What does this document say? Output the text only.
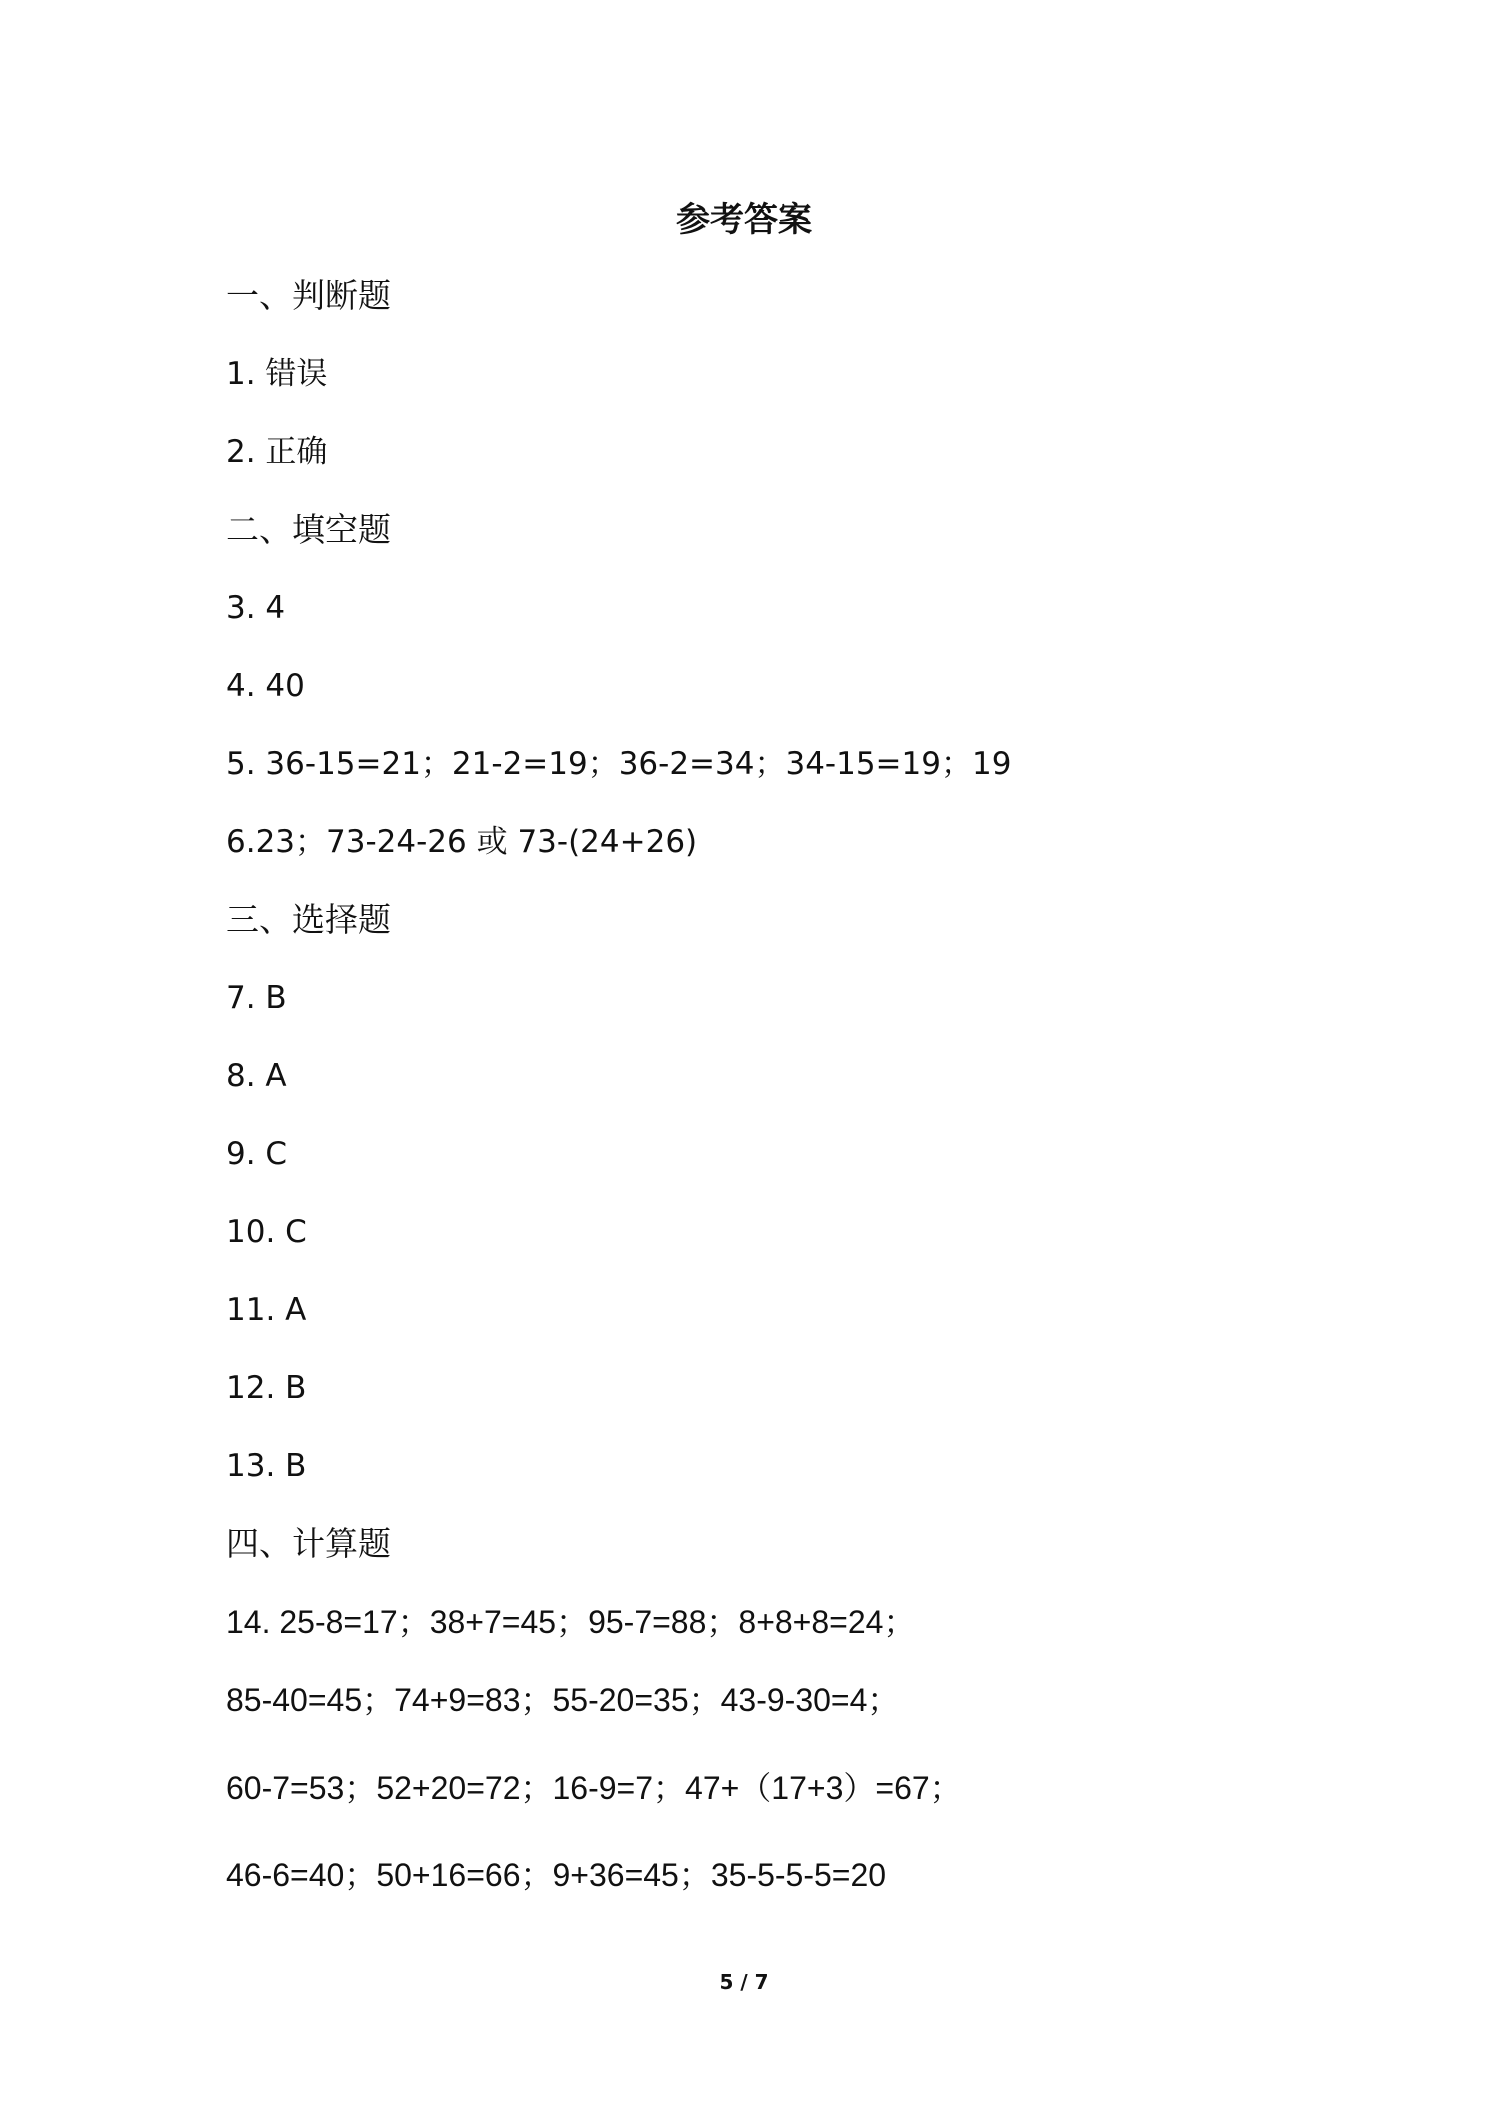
参考答案
一、判断题
1. 错误
2. 正确
二、填空题
3. 4
4. 40
5. 36-15=21；21-2=19；36-2=34；34-15=19；19
6.23；73-24-26 或 73-(24+26)
三、选择题
7. B
8. A
9. C
10. C
11. A
12. B
13. B
四、计算题
14. 25-8=17；38+7=45；95-7=88；8+8+8=24；
85-40=45；74+9=83；55-20=35；43-9-30=4；
60-7=53；52+20=72；16-9=7；47+（17+3）=67；
46-6=40；50+16=66；9+36=45；35-5-5-5=20
5 / 7
